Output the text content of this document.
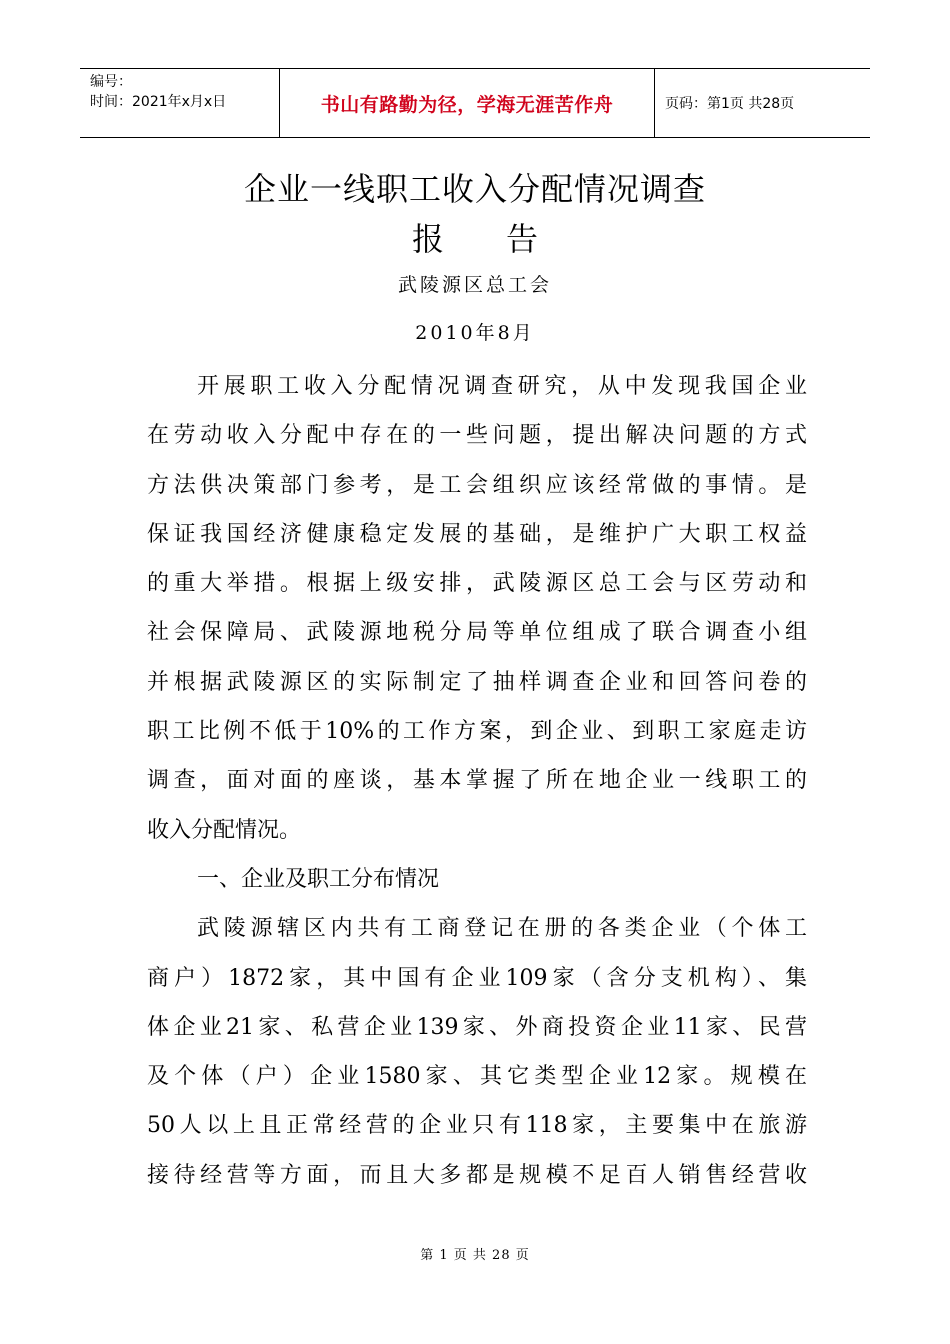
编号：
时间：2021年x月x日	书山有路勤为径，学海无涯苦作舟	页码：第1页 共28页
企业一线职工收入分配情况调查
报告
武陵源区总工会
2010年8月
开展职工收入分配情况调查研究，从中发现我国企业
在劳动收入分配中存在的一些问题，提出解决问题的方式
方法供决策部门参考，是工会组织应该经常做的事情。是
保证我国经济健康稳定发展的基础，是维护广大职工权益
的重大举措。根据上级安排，武陵源区总工会与区劳动和
社会保障局、武陵源地税分局等单位组成了联合调查小组
并根据武陵源区的实际制定了抽样调查企业和回答问卷的
职工比例不低于10%的工作方案，到企业、到职工家庭走访
调查，面对面的座谈，基本掌握了所在地企业一线职工的
收入分配情况。
一、企业及职工分布情况
武陵源辖区内共有工商登记在册的各类企业（个体工
商户）1872家，其中国有企业109家（含分支机构）、集
体企业21家、私营企业139家、外商投资企业11家、民营
及个体（户）企业1580家、其它类型企业12家。规模在
50人以上且正常经营的企业只有118家，主要集中在旅游
接待经营等方面，而且大多都是规模不足百人销售经营收
第 1 页 共 28 页
